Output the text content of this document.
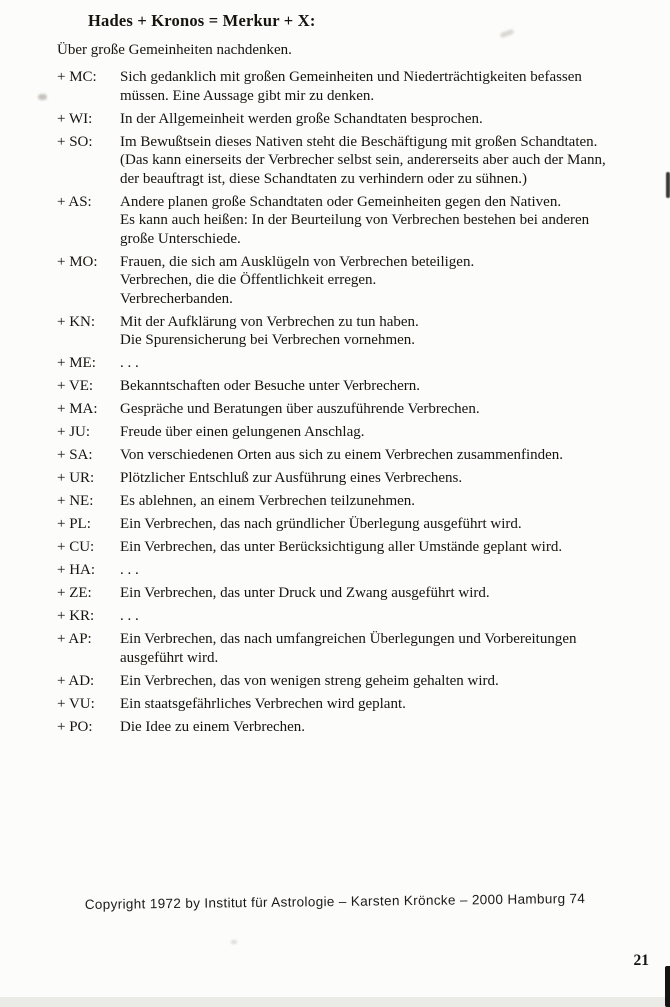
Hades + Kronos = Merkur + X:
Über große Gemeinheiten nachdenken.
+ MC:	Sich gedanklich mit großen Gemeinheiten und Niederträchtigkeiten befassen
müssen. Eine Aussage gibt mir zu denken.
+ WI:	In der Allgemeinheit werden große Schandtaten besprochen.
+ SO:	Im Bewußtsein dieses Nativen steht die Beschäftigung mit großen Schandtaten.
(Das kann einerseits der Verbrecher selbst sein, andererseits aber auch der Mann,
der beauftragt ist, diese Schandtaten zu verhindern oder zu sühnen.)
+ AS:	Andere planen große Schandtaten oder Gemeinheiten gegen den Nativen.
Es kann auch heißen: In der Beurteilung von Verbrechen bestehen bei anderen
große Unterschiede.
+ MO:	Frauen, die sich am Ausklügeln von Verbrechen beteiligen.
Verbrechen, die die Öffentlichkeit erregen.
Verbrecherbanden.
+ KN:	Mit der Aufklärung von Verbrechen zu tun haben.
Die Spurensicherung bei Verbrechen vornehmen.
+ ME:	. . .
+ VE:	Bekanntschaften oder Besuche unter Verbrechern.
+ MA:	Gespräche und Beratungen über auszuführende Verbrechen.
+ JU:	Freude über einen gelungenen Anschlag.
+ SA:	Von verschiedenen Orten aus sich zu einem Verbrechen zusammenfinden.
+ UR:	Plötzlicher Entschluß zur Ausführung eines Verbrechens.
+ NE:	Es ablehnen, an einem Verbrechen teilzunehmen.
+ PL:	Ein Verbrechen, das nach gründlicher Überlegung ausgeführt wird.
+ CU:	Ein Verbrechen, das unter Berücksichtigung aller Umstände geplant wird.
+ HA:	. . .
+ ZE:	Ein Verbrechen, das unter Druck und Zwang ausgeführt wird.
+ KR:	. . .
+ AP:	Ein Verbrechen, das nach umfangreichen Überlegungen und Vorbereitungen
ausgeführt wird.
+ AD:	Ein Verbrechen, das von wenigen streng geheim gehalten wird.
+ VU:	Ein staatsgefährliches Verbrechen wird geplant.
+ PO:	Die Idee zu einem Verbrechen.
Copyright 1972 by Institut für Astrologie – Karsten Kröncke – 2000 Hamburg 74
21
